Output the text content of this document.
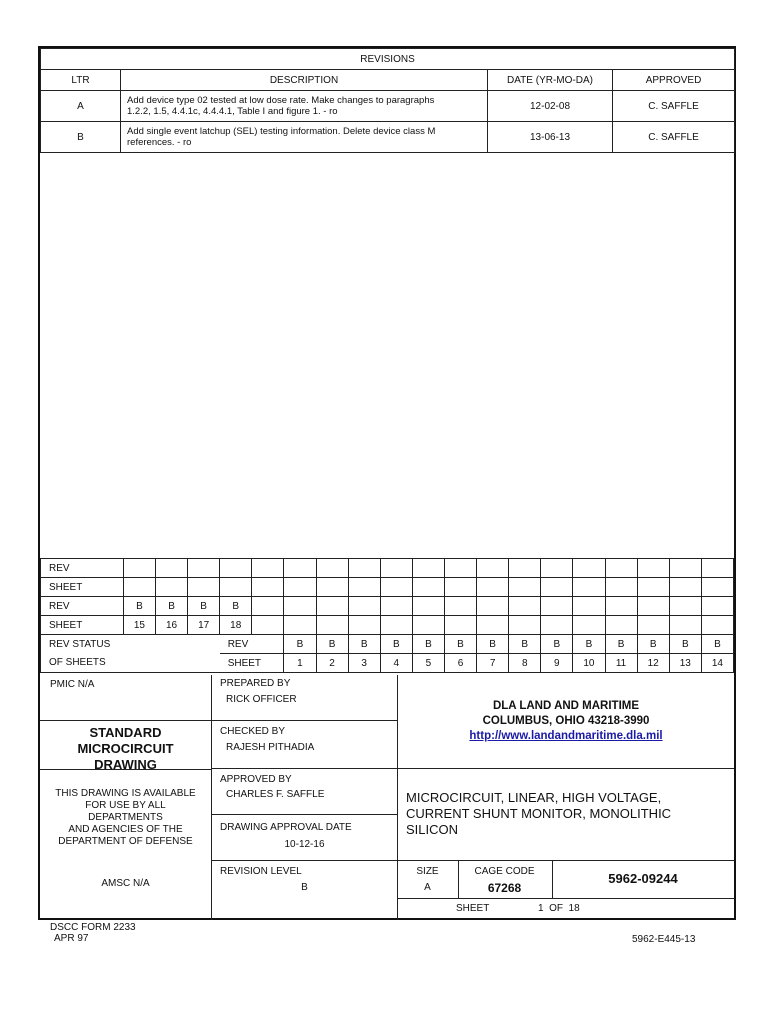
REVISIONS			
LTR	DESCRIPTION	DATE (YR-MO-DA)	APPROVED
A	Add device type 02 tested at low dose rate. Make changes to paragraphs
1.2.2, 1.5, 4.4.1c, 4.4.4.1, Table I and figure 1. - ro	12-02-08	C. SAFFLE
B	Add single event latchup (SEL) testing information. Delete device class M
references. - ro	13-06-13	C. SAFFLE
REV																			
SHEET																			
REV	B	B	B	B															
SHEET	15	16	17	18															
REV STATUS				REV		B	B	B	B	B	B	B	B	B	B	B	B	B	B
OF SHEETS				SHEET		1	2	3	4	5	6	7	8	9	10	11	12	13	14
PMIC N/A
STANDARD
MICROCIRCUIT
DRAWING
THIS DRAWING IS AVAILABLE
FOR USE BY ALL
DEPARTMENTS
AND AGENCIES OF THE
DEPARTMENT OF DEFENSE
AMSC N/A
PREPARED BY
RICK OFFICER
CHECKED BY
RAJESH PITHADIA
APPROVED BY
CHARLES F. SAFFLE
DRAWING APPROVAL DATE
10-12-16
REVISION LEVEL
B
DLA LAND AND MARITIME
COLUMBUS, OHIO 43218-3990
http://www.landandmaritime.dla.mil
MICROCIRCUIT, LINEAR, HIGH VOLTAGE,
CURRENT SHUNT MONITOR, MONOLITHIC
SILICON
SIZE
A
CAGE CODE
67268
5962-09244
SHEET	1  OF  18
DSCC FORM 2233
APR 97	5962-E445-13
